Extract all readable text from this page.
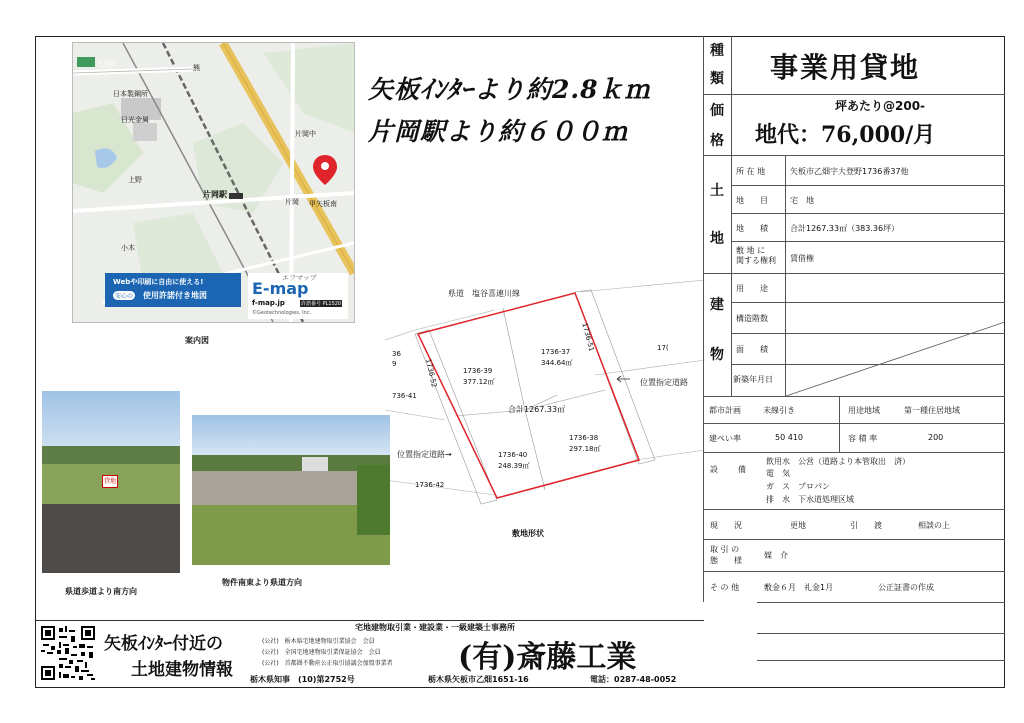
矢板IC
日本製鋼所
日光金属
片岡駅
片岡
片岡中
上野
甲矢板南
熊
小木
Webや印刷に自由に使える!
安心の 使用許諾付き地図
エフマップ
E-map
f-map.jp	許諾番号 PL1520
©Geotechnologies, Inc.
案内図
矢板ｲﾝﾀｰより約2.8ｋｍ
片岡駅より約６００ｍ
県道　塩谷喜連川線
1736-39
377.12㎡
1736-37
344.64㎡
1736-40
248.39㎡
1736-38
297.18㎡
合計1267.33㎡
1736-51
1736-52
36
9
736-41
1736-42
17(
位置指定道路
位置指定道路→
敷地形状
貸地
県道歩道より南方向
物件南東より県道方向
種
類 事業用貸地
価
格
坪あたり@200-
地代：76,000/月
土
地
建
物
所 在 地	矢板市乙畑字大登野1736番37他
地　　目	宅　地
地　　積	合計1267.33㎡（383.36坪）
敷 地 に
関する権利 賃借権
用　　途
構造階数
面　　積
新築年月日
都市計画	未線引き	用途地域	第一種住居地域
建ぺい率	50 410	容 積 率	200
設	備
飲用水　公営（道路より本管取出　済）
電　気
ガ　ス　プロパン
排　水　下水道処理区域
現　　況	更地	引　　渡	相談の上
取 引 の
態　　様
媒　介
そ の 他	敷金６月　礼金1月	公正証書の作成
矢板ｲﾝﾀｰ付近の
土地建物情報
宅地建物取引業・建設業・一級建築士事務所
(公社)　栃木県宅地建物取引業協会　会員
(公社)　全国宅地建物取引業保証協会　会員
(公社)　首都圏不動産公正取引協議会加盟事業者 (有)斎藤工業
栃木県知事　(10)第2752号	栃木県矢板市乙畑1651-16	電話：0287-48-0052
